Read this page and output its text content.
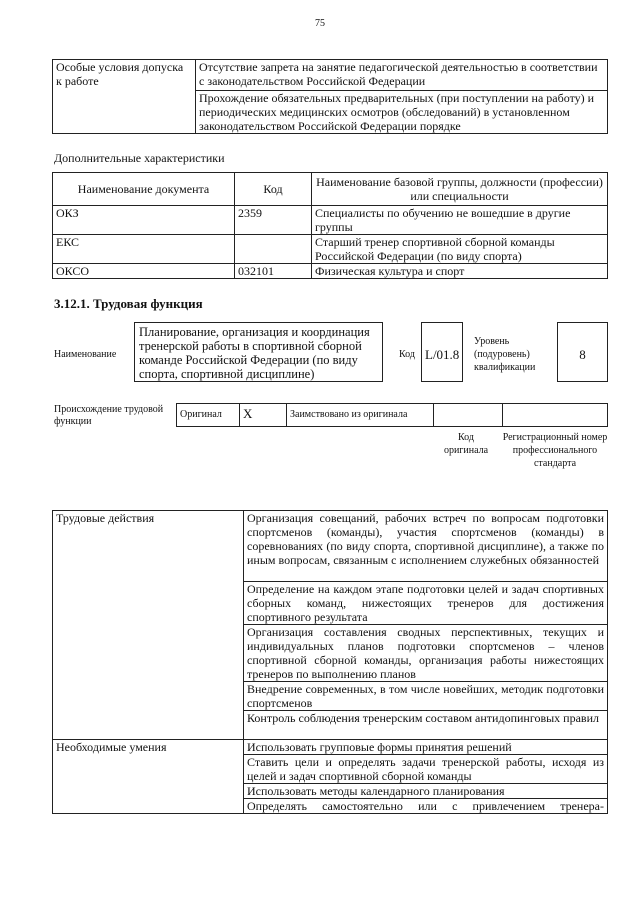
75
Особые условия допуска к работе	Отсутствие запрета на занятие педагогической деятельностью в соответствии с законодательством Российской Федерации
Прохождение обязательных предварительных (при поступлении на работу) и периодических медицинских осмотров (обследований) в установленном законодательством Российской Федерации порядке
Дополнительные характеристики
Наименование документа	Код	Наименование базовой группы, должности (профессии) или специальности
ОКЗ	2359	Специалисты по обучению не вошедшие в другие группы
ЕКС		Старший тренер спортивной сборной команды Российской Федерации (по виду спорта)
ОКСО	032101	Физическая культура и спорт
3.12.1. Трудовая функция
Наименование
Планирование, организация и координация тренерской работы в спортивной сборной команде Российской Федерации (по виду спорта, спортивной дисциплине)
Код L/01.8
Уровень (подуровень) квалификации
8
Происхождение трудовой функции
Оригинал	X	Заимствовано из оригинала		
Код оригинала
Регистрационный номер профессионального стандарта
Трудовые действия	Организация совещаний, рабочих встреч по вопросам подготовки спортсменов (команды), участия спортсменов (команды) в соревнованиях (по виду спорта, спортивной дисциплине), а также по иным вопросам, связанным с исполнением служебных обязанностей
	Определение на каждом этапе подготовки целей и задач спортивных сборных команд, нижестоящих тренеров для достижения спортивного результата
	Организация составления сводных перспективных, текущих и индивидуальных планов подготовки спортсменов – членов спортивной сборной команды, организация работы нижестоящих тренеров по выполнению планов
	Внедрение современных, в том числе новейших, методик подготовки спортсменов
	Контроль соблюдения тренерским составом антидопинговых правил
Необходимые умения	Использовать групповые формы принятия решений
	Ставить цели и определять задачи тренерской работы, исходя из целей и задач спортивной сборной команды
	Использовать методы календарного планирования
	Определять самостоятельно или с привлечением тренера-
